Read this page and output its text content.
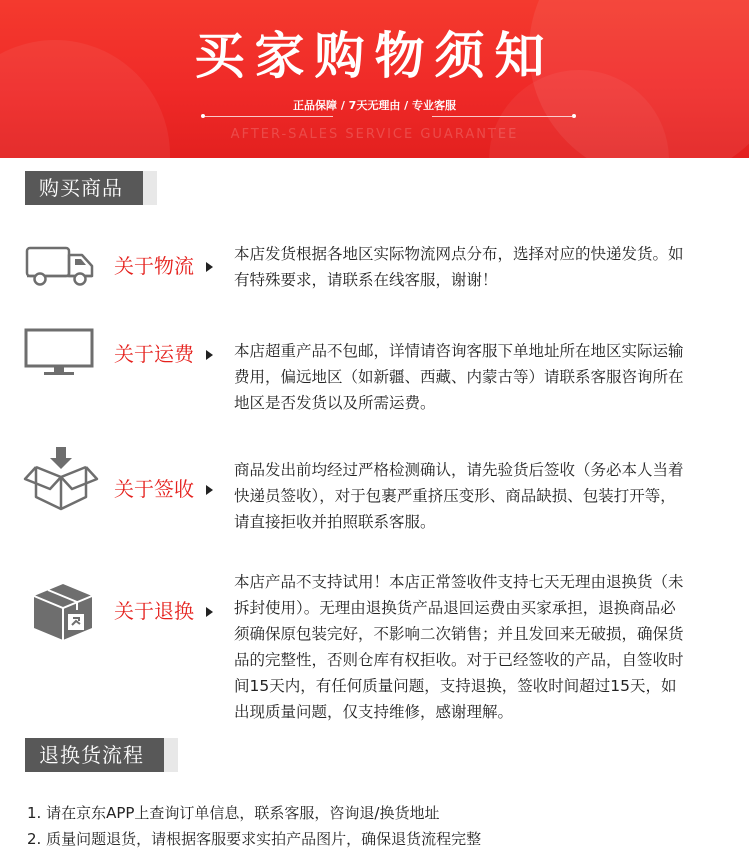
买家购物须知
正品保障 / 7天无理由 / 专业客服
AFTER-SALES SERVICE GUARANTEE
购买商品
关于物流	本店发货根据各地区实际物流网点分布，选择对应的快递发货。如有特殊要求，请联系在线客服，谢谢！
关于运费	本店超重产品不包邮，详情请咨询客服下单地址所在地区实际运输费用，偏远地区（如新疆、西藏、内蒙古等）请联系客服咨询所在地区是否发货以及所需运费。
关于签收
商品发出前均经过严格检测确认，请先验货后签收（务必本人当着快递员签收），对于包裹严重挤压变形、商品缺损、包装打开等，请直接拒收并拍照联系客服。
关于退换
本店产品不支持试用！本店正常签收件支持七天无理由退换货（未拆封使用）。无理由退换货产品退回运费由买家承担，退换商品必须确保原包装完好，不影响二次销售；并且发回来无破损，确保货品的完整性，否则仓库有权拒收。对于已经签收的产品，自签收时间15天内，有任何质量问题，支持退换，签收时间超过15天，如出现质量问题，仅支持维修，感谢理解。
退换货流程
1. 请在京东APP上查询订单信息，联系客服，咨询退/换货地址
2. 质量问题退货，请根据客服要求实拍产品图片，确保退货流程完整
